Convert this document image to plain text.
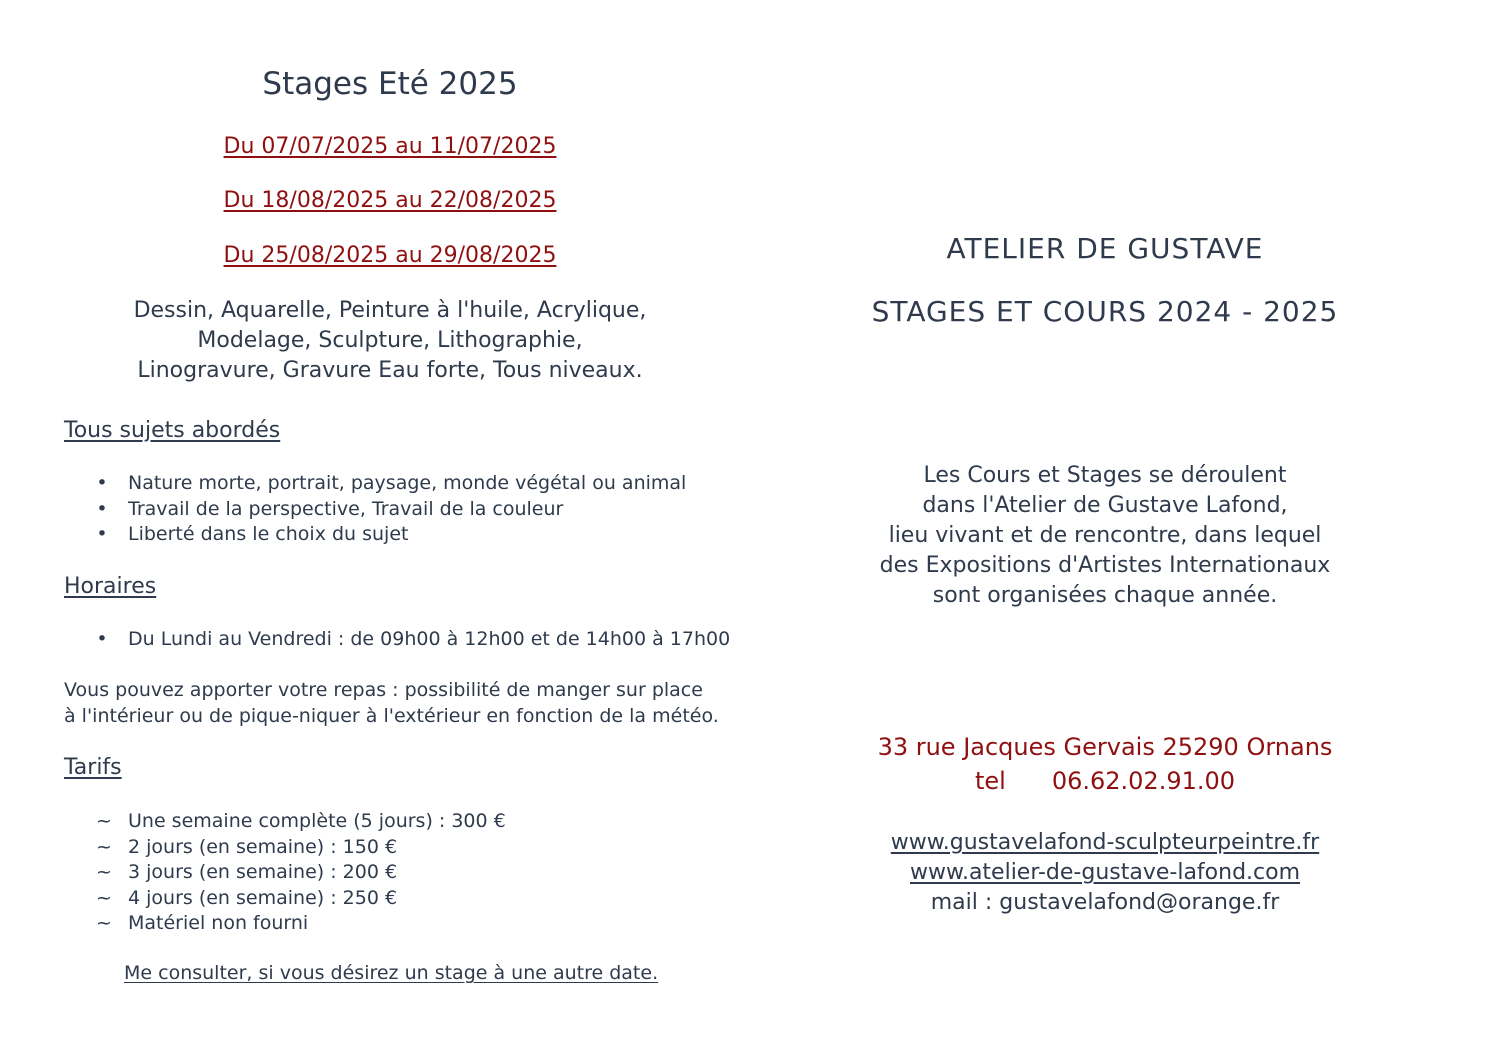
Stages Eté 2025

Du 07/07/2025 au 11/07/2025

Du 18/08/2025 au 22/08/2025

Du 25/08/2025 au 29/08/2025

Dessin, Aquarelle, Peinture à l'huile, Acrylique,
Modelage, Sculpture, Lithographie,
Linogravure, Gravure Eau forte, Tous niveaux.

Tous sujets abordés

• Nature morte, portrait, paysage, monde végétal ou animal
• Travail de la perspective, Travail de la couleur
• Liberté dans le choix du sujet

Horaires

• Du Lundi au Vendredi : de 09h00 à 12h00 et de 14h00 à 17h00
Vous pouvez apporter votre repas : possibilité de manger sur place
à l'intérieur ou de pique-niquer à l'extérieur en fonction de la météo.

Tarifs

~ Une semaine complète (5 jours) : 300 €
~ 2 jours (en semaine) : 150 €
~ 3 jours (en semaine) : 200 €
~ 4 jours (en semaine) : 250 €
~ Matériel non fourni

Me consulter, si vous désirez un stage à une autre date.

ATELIER DE GUSTAVE
STAGES ET COURS 2024 - 2025
Les Cours et Stages se déroulent
dans l'Atelier de Gustave Lafond,
lieu vivant et de rencontre, dans lequel
des Expositions d'Artistes Internationaux
sont organisées chaque année.
33 rue Jacques Gervais 25290 Ornans
tel 06.62.02.91.00
www.gustavelafond-sculpteurpeintre.fr
www.atelier-de-gustave-lafond.com
mail : gustavelafond@orange.fr
